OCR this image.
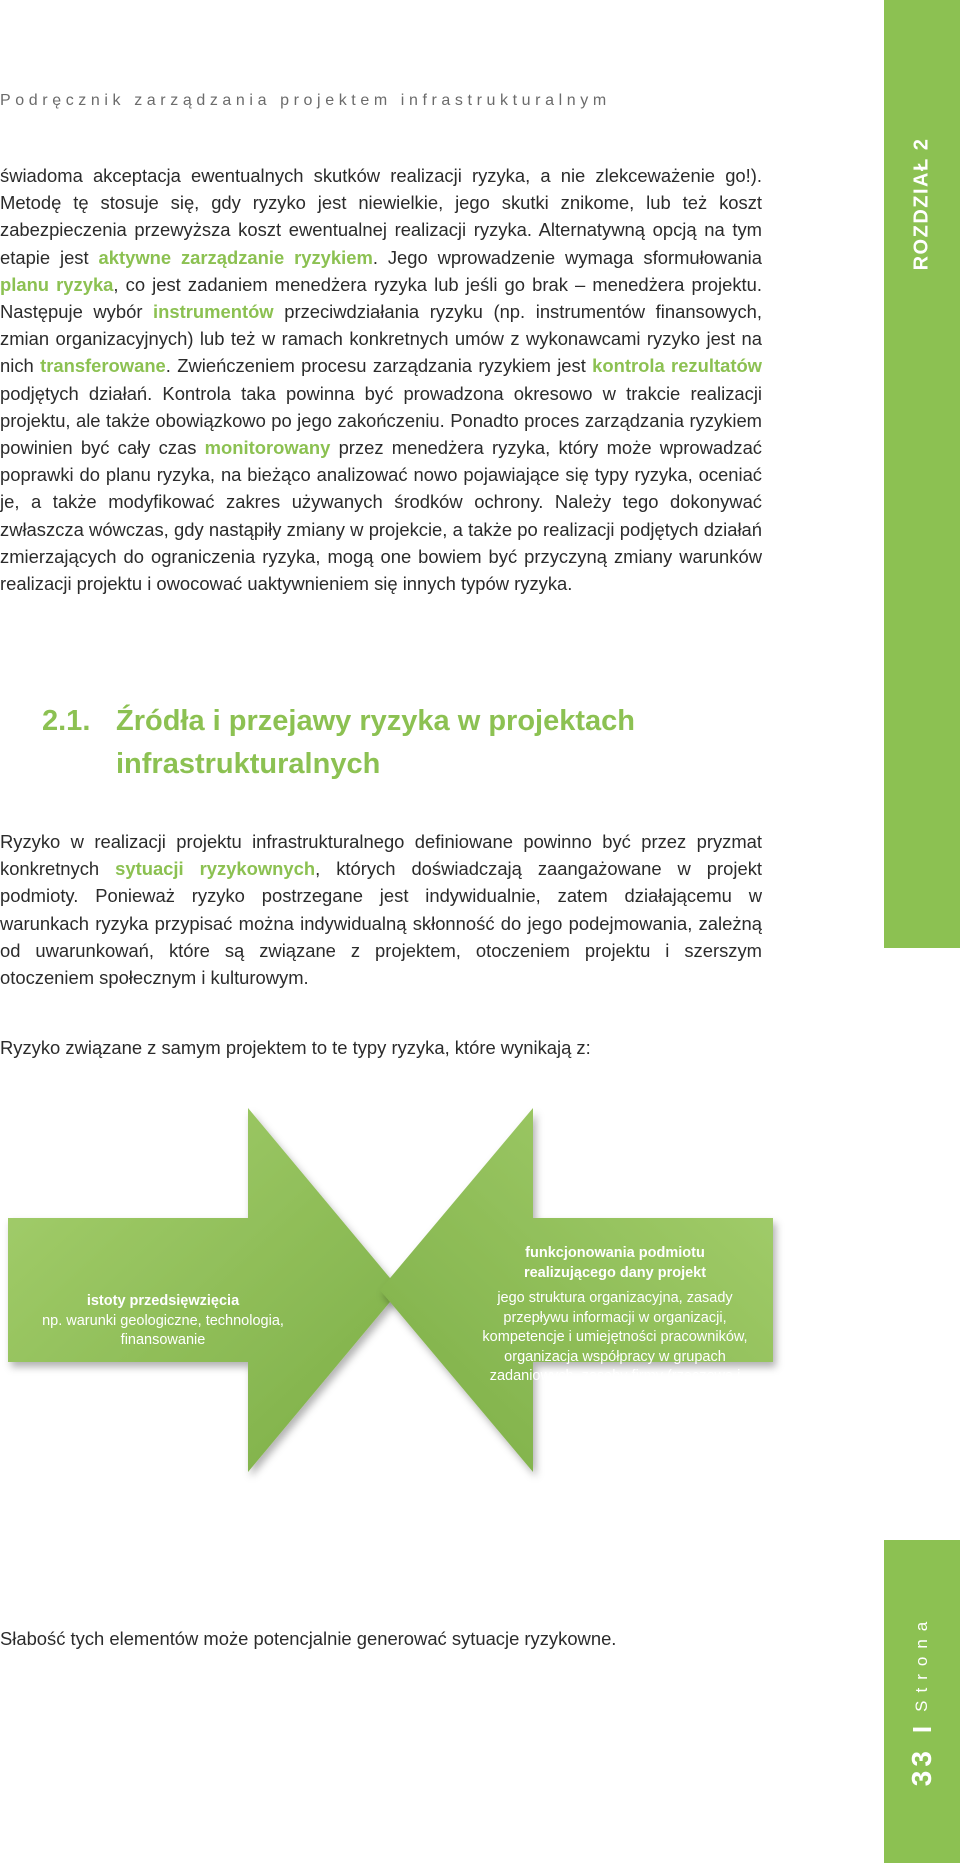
Podręcznik zarządzania projektem infrastrukturalnym
ROZDZIAŁ 2
33
I
Strona

świadoma akceptacja ewentualnych skutków realizacji ryzyka, a nie zlekceważenie go!). Metodę tę stosuje się, gdy ryzyko jest niewielkie, jego skutki znikome, lub też koszt zabezpieczenia przewyższa koszt ewentualnej realizacji ryzyka. Alternatywną opcją na tym etapie jest aktywne zarządzanie ryzykiem. Jego wprowadzenie wymaga sformułowania planu ryzyka, co jest zadaniem menedżera ryzyka lub jeśli go brak – menedżera projektu. Następuje wybór instrumentów przeciwdziałania ryzyku (np. instrumentów finansowych, zmian organizacyjnych) lub też w ramach konkretnych umów z wykonawcami ryzyko jest na nich transferowane. Zwieńczeniem procesu zarządzania ryzykiem jest kontrola rezultatów podjętych działań. Kontrola taka powinna być prowadzona okresowo w trakcie realizacji projektu, ale także obowiązkowo po jego zakończeniu. Ponadto proces zarządzania ryzykiem powinien być cały czas monitorowany przez menedżera ryzyka, który może wprowadzać poprawki do planu ryzyka, na bieżąco analizować nowo pojawiające się typy ryzyka, oceniać je, a także modyfikować zakres używanych środków ochrony. Należy tego dokonywać zwłaszcza wówczas, gdy nastąpiły zmiany w projekcie, a także po realizacji podjętych działań zmierzających do ograniczenia ryzyka, mogą one bowiem być przyczyną zmiany warunków realizacji projektu i owocować uaktywnieniem się innych typów ryzyka.

2.1. Źródła i przejawy ryzyka w projektach infrastrukturalnych

Ryzyko w realizacji projektu infrastrukturalnego definiowane powinno być przez pryzmat konkretnych sytuacji ryzykownych, których doświadczają zaangażowane w projekt podmioty. Ponieważ ryzyko postrzegane jest indywidualnie, zatem działającemu w warunkach ryzyka przypisać można indywidualną skłonność do jego podejmowania, zależną od uwarunkowań, które są związane z projektem, otoczeniem projektu i szerszym otoczeniem społecznym i kulturowym.

Ryzyko związane z samym projektem to te typy ryzyka, które wynikają z:

istoty przedsięwzięcia
np. warunki geologiczne, technologia, finansowanie
funkcjonowania podmiotu realizującego dany projekt
jego struktura organizacyjna, zasady przepływu informacji w organizacji, kompetencje i umiejętności pracowników, organizacja współpracy w grupach zadaniowych, zasoby firmy (rzeczowe i niematerialne)

Słabość tych elementów może potencjalnie generować sytuacje ryzykowne.
